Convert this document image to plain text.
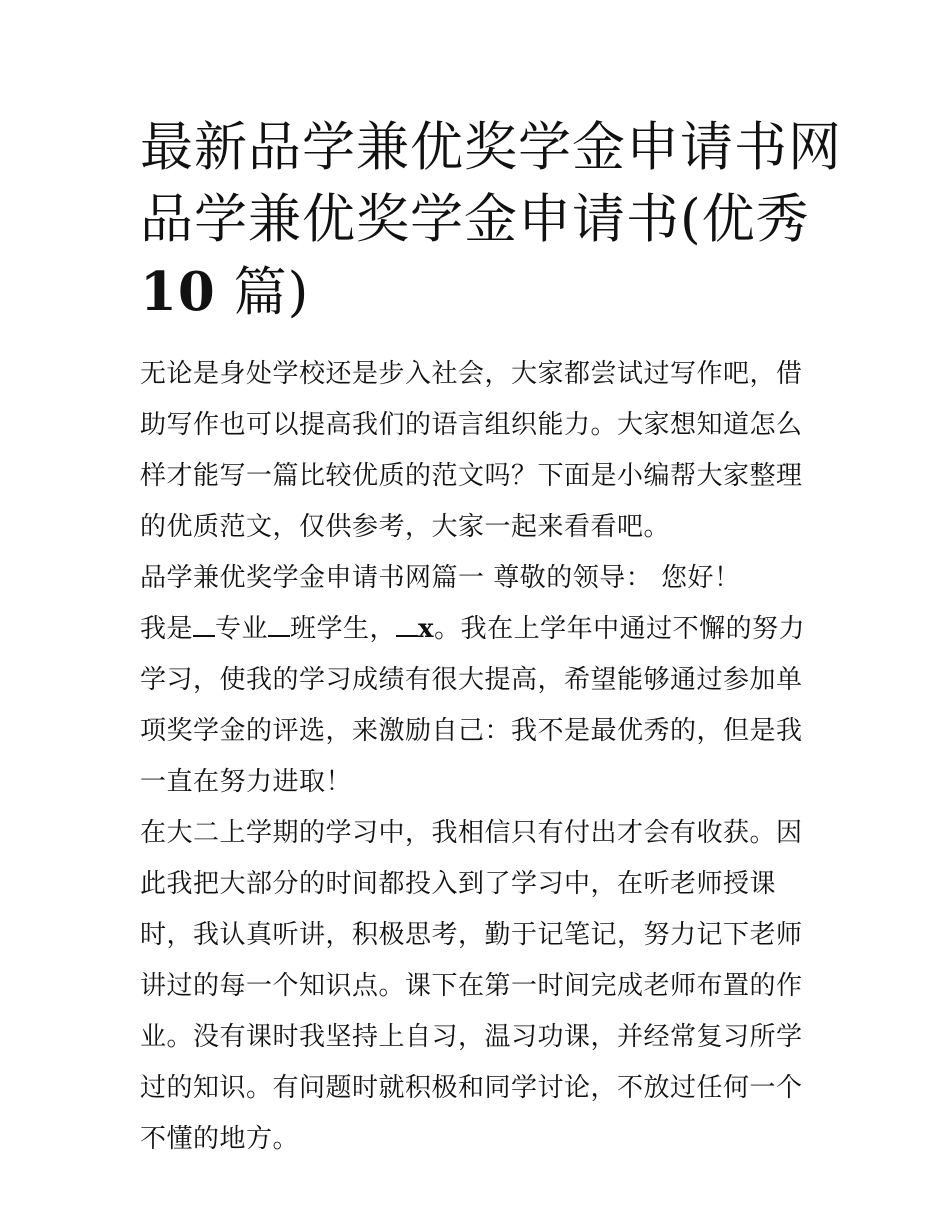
最新品学兼优奖学金申请书网
品学兼优奖学金申请书(优秀
10 篇)

无论是身处学校还是步入社会，大家都尝试过写作吧，借助写作也可以提高我们的语言组织能力。大家想知道怎么样才能写一篇比较优质的范文吗？下面是小编帮大家整理的优质范文，仅供参考，大家一起来看看吧。

品学兼优奖学金申请书网篇一 尊敬的领导： 您好！

我是 专业 班学生， x。我在上学年中通过不懈的努力学习，使我的学习成绩有很大提高，希望能够通过参加单项奖学金的评选，来激励自己：我不是最优秀的，但是我一直在努力进取！

在大二上学期的学习中，我相信只有付出才会有收获。因此我把大部分的时间都投入到了学习中，在听老师授课时，我认真听讲，积极思考，勤于记笔记，努力记下老师讲过的每一个知识点。课下在第一时间完成老师布置的作业。没有课时我坚持上自习，温习功课，并经常复习所学过的知识。有问题时就积极和同学讨论，不放过任何一个不懂的地方。
